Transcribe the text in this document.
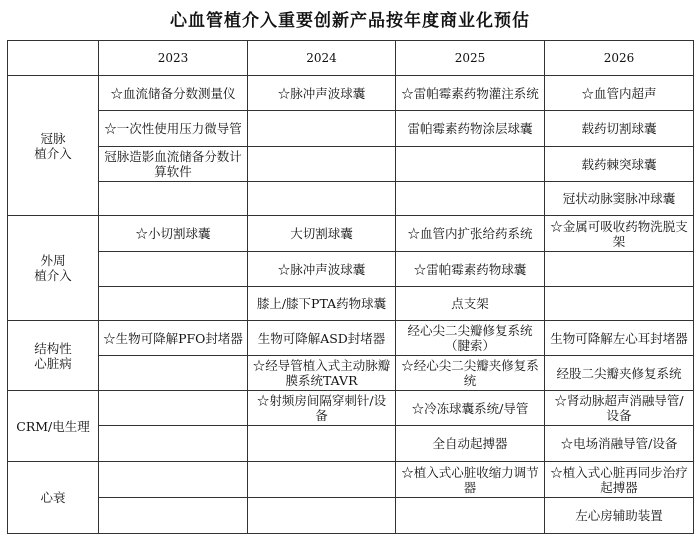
心血管植介入重要创新产品按年度商业化预估
	2023	2024	2025	2026
冠脉
植介入	☆血流储备分数测量仪	☆脉冲声波球囊	☆雷帕霉素药物灌注系统	☆血管内超声
	☆一次性使用压力微导管		雷帕霉素药物涂层球囊	载药切割球囊
	冠脉造影血流储备分数计算软件			载药棘突球囊
				冠状动脉窦脉冲球囊
外周
植介入	☆小切割球囊	大切割球囊	☆血管内扩张给药系统	☆金属可吸收药物洗脱支架
		☆脉冲声波球囊	☆雷帕霉素药物球囊	
		膝上/膝下PTA药物球囊	点支架	
结构性
心脏病	☆生物可降解PFO封堵器	生物可降解ASD封堵器	经心尖二尖瓣修复系统（腱索）	生物可降解左心耳封堵器
		☆经导管植入式主动脉瓣膜系统TAVR	☆经心尖二尖瓣夹修复系统	经股二尖瓣夹修复系统
CRM/电生理		☆射频房间隔穿刺针/设备	☆冷冻球囊系统/导管	☆肾动脉超声消融导管/设备
			全自动起搏器	☆电场消融导管/设备
心衰			☆植入式心脏收缩力调节器	☆植入式心脏再同步治疗起搏器
				左心房辅助装置
